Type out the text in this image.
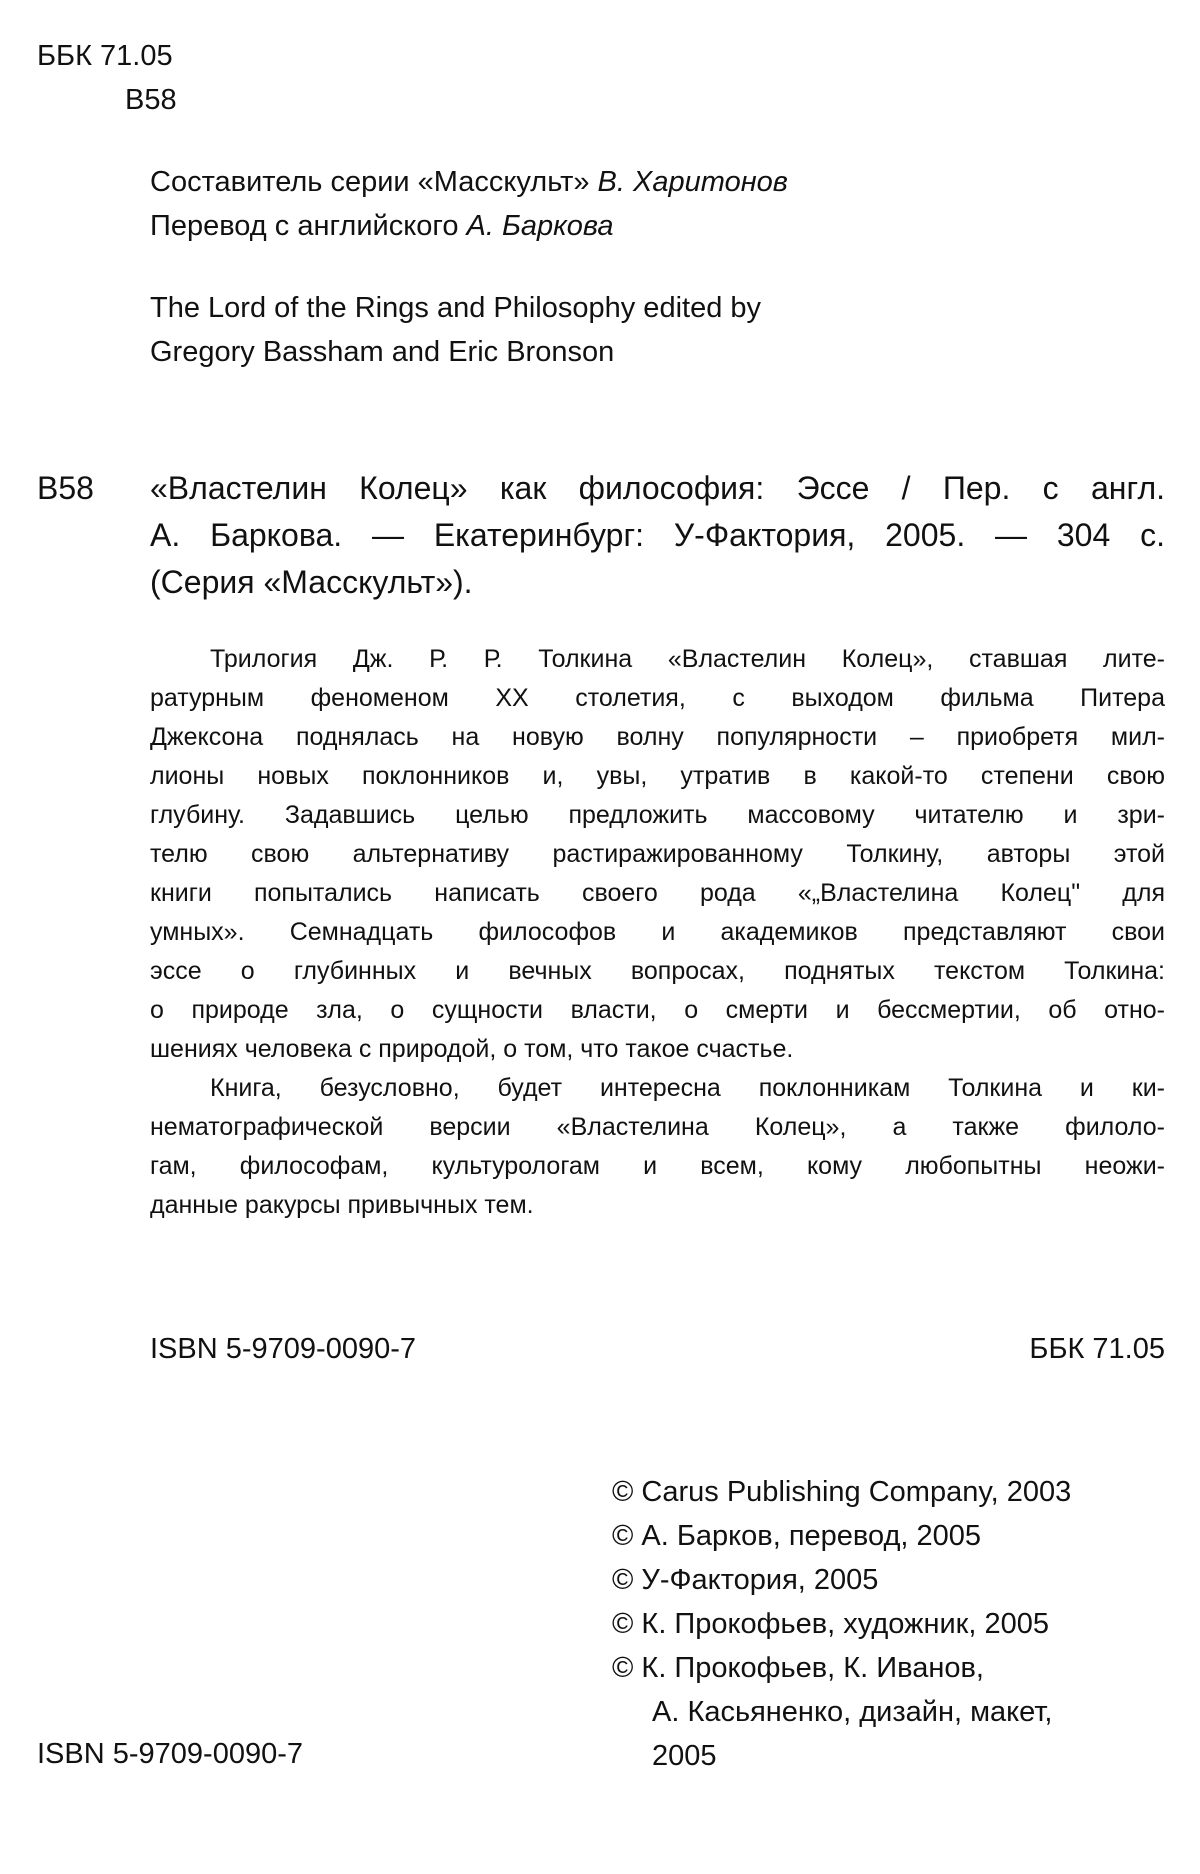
ББК 71.05
В58
Составитель серии «Масскульт» В. Харитонов
Перевод с английского А. Баркова
The Lord of the Rings and Philosophy edited by
Gregory Bassham and Eric Bronson
В58 «Властелин Колец» как философия: Эссе / Пер. с англ.
А. Баркова. — Екатеринбург: У-Фактория, 2005. — 304 с.
(Серия «Масскульт»).
Трилогия Дж. Р. Р. Толкина «Властелин Колец», ставшая лите-
ратурным феноменом XX столетия, с выходом фильма Питера
Джексона поднялась на новую волну популярности – приобретя мил-
лионы новых поклонников и, увы, утратив в какой-то степени свою
глубину. Задавшись целью предложить массовому читателю и зри-
телю свою альтернативу растиражированному Толкину, авторы этой
книги попытались написать своего рода «„Властелина Колец" для
умных». Семнадцать философов и академиков представляют свои
эссе о глубинных и вечных вопросах, поднятых текстом Толкина:
о природе зла, о сущности власти, о смерти и бессмертии, об отно-
шениях человека с природой, о том, что такое счастье.
Книга, безусловно, будет интересна поклонникам Толкина и ки-
нематографической версии «Властелина Колец», а также филоло-
гам, философам, культурологам и всем, кому любопытны неожи-
данные ракурсы привычных тем.
ISBN 5-9709-0090-7	ББК 71.05
© Carus Publishing Company, 2003
© А. Барков, перевод, 2005
© У-Фактория, 2005
© К. Прокофьев, художник, 2005
© К. Прокофьев, К. Иванов,
А. Касьяненко, дизайн, макет,
2005
ISBN 5-9709-0090-7
